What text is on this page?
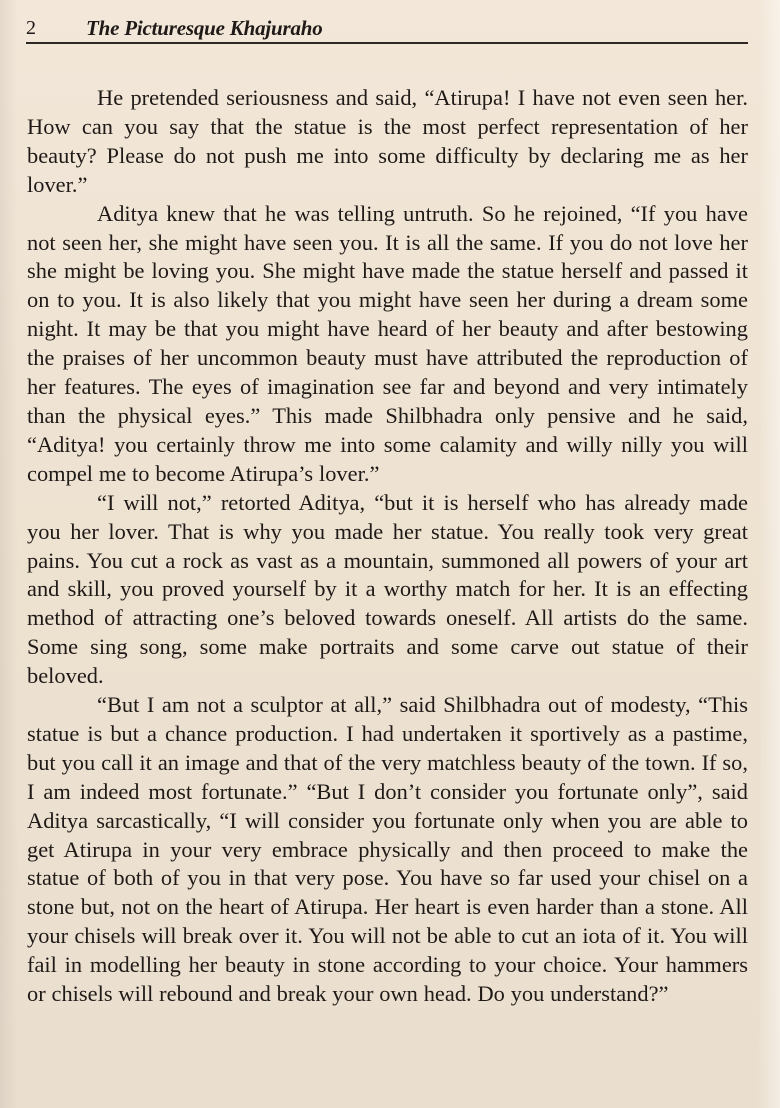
2 The Picturesque Khajuraho

He pretended seriousness and said, “Atirupa! I have not even seen her. How can you say that the statue is the most perfect representation of her beauty? Please do not push me into some difficulty by declaring me as her lover.”

Aditya knew that he was telling untruth. So he rejoined, “If you have not seen her, she might have seen you. It is all the same. If you do not love her she might be loving you. She might have made the statue herself and passed it on to you. It is also likely that you might have seen her during a dream some night. It may be that you might have heard of her beauty and after bestowing the praises of her uncommon beauty must have attributed the reproduction of her features. The eyes of imagination see far and beyond and very intimately than the physical eyes.” This made Shilbhadra only pensive and he said, “Aditya! you certainly throw me into some calamity and willy nilly you will compel me to become Atirupa’s lover.”

“I will not,” retorted Aditya, “but it is herself who has already made you her lover. That is why you made her statue. You really took very great pains. You cut a rock as vast as a mountain, summoned all powers of your art and skill, you proved yourself by it a worthy match for her. It is an effecting method of attracting one’s beloved towards oneself. All artists do the same. Some sing song, some make portraits and some carve out statue of their beloved.

“But I am not a sculptor at all,” said Shilbhadra out of modesty, “This statue is but a chance production. I had undertaken it sportively as a pastime, but you call it an image and that of the very matchless beauty of the town. If so, I am indeed most fortunate.” “But I don’t consider you fortunate only”, said Aditya sarcastically, “I will consider you fortunate only when you are able to get Atirupa in your very embrace physically and then proceed to make the statue of both of you in that very pose. You have so far used your chisel on a stone but, not on the heart of Atirupa. Her heart is even harder than a stone. All your chisels will break over it. You will not be able to cut an iota of it. You will fail in modelling her beauty in stone according to your choice. Your hammers or chisels will rebound and break your own head. Do you understand?”
